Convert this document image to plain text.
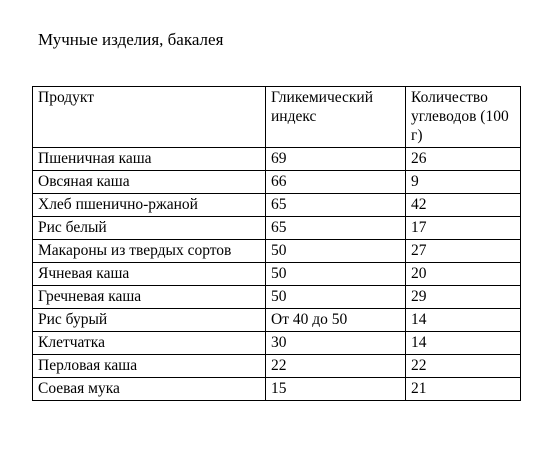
Мучные изделия, бакалея
Продукт	Гликемический индекс	Количество углеводов (100 г)
Пшеничная каша	69	26
Овсяная каша	66	9
Хлеб пшенично-ржаной	65	42
Рис белый	65	17
Макароны из твердых сортов	50	27
Ячневая каша	50	20
Гречневая каша	50	29
Рис бурый	От 40 до 50	14
Клетчатка	30	14
Перловая каша	22	22
Соевая мука	15	21
